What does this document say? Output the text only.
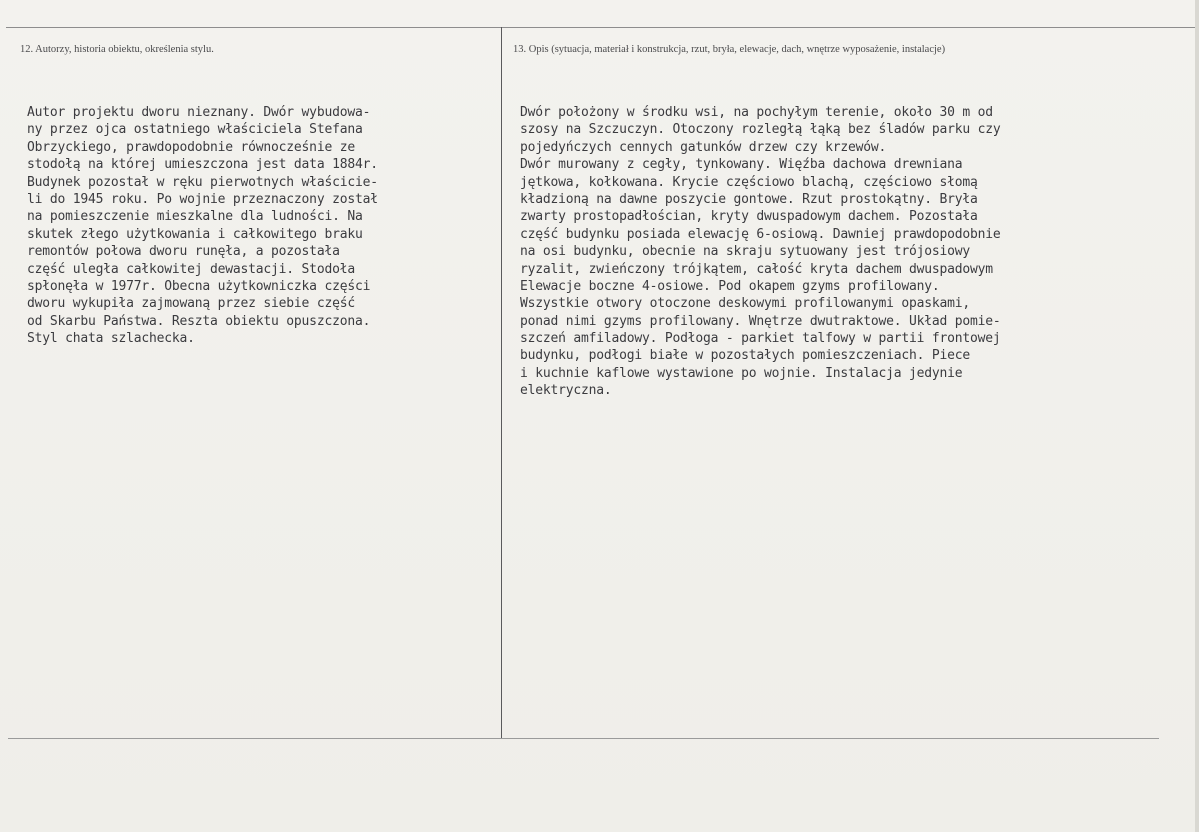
12. Autorzy, historia obiektu, określenia stylu.	13. Opis (sytuacja, materiał i konstrukcja, rzut, bryła, elewacje, dach, wnętrze wyposażenie, instalacje)
Autor projektu dworu nieznany. Dwór wybudowa-
ny przez ojca ostatniego właściciela Stefana
Obrzyckiego, prawdopodobnie równocześnie ze
stodołą na której umieszczona jest data 1884r.
Budynek pozostał w ręku pierwotnych właściciе-
li do 1945 roku. Po wojnie przeznaczony został
na pomieszczenie mieszkalne dla ludności. Na
skutek złego użytkowania i całkowitego braku
remontów połowa dworu runęła, a pozostała
część uległa całkowitej dewastacji. Stodoła
spłonęła w 1977r. Obecna użytkowniczka części
dworu wykupiła zajmowaną przez siebie część
od Skarbu Państwa. Reszta obiektu opuszczona.
Styl chata szlachecka.
Dwór położony w środku wsi, na pochyłym terenie, około 30 m od
szosy na Szczuczyn. Otoczony rozległą łąką bez śladów parku czy
pojedyńczych cennych gatunków drzew czy krzewów.
Dwór murowany z cegły, tynkowany. Więźba dachowa drewniana
jętkowa, kołkowana. Krycie częściowo blachą, częściowo słomą
kładzioną na dawne poszycie gontowe. Rzut prostokątny. Bryła
zwarty prostopadłościan, kryty dwuspadowym dachem. Pozostała
część budynku posiada elewację 6-osiową. Dawniej prawdopodobnie
na osi budynku, obecnie na skraju sytuowany jest trójosiowy
ryzalit, zwieńczony trójkątem, całość kryta dachem dwuspadowym
Elewacje boczne 4-osiowe. Pod okapem gzyms profilowany.
Wszystkie otwory otoczone deskowymi profilowanymi opaskami,
ponad nimi gzyms profilowany. Wnętrze dwutraktowe. Układ pomie-
szczeń amfiladowy. Podłoga - parkiet talfowy w partii frontowej
budynku, podłogi białe w pozostałych pomieszczeniach. Piece
i kuchnie kaflowe wystawione po wojnie. Instalacja jedynie
elektryczna.
